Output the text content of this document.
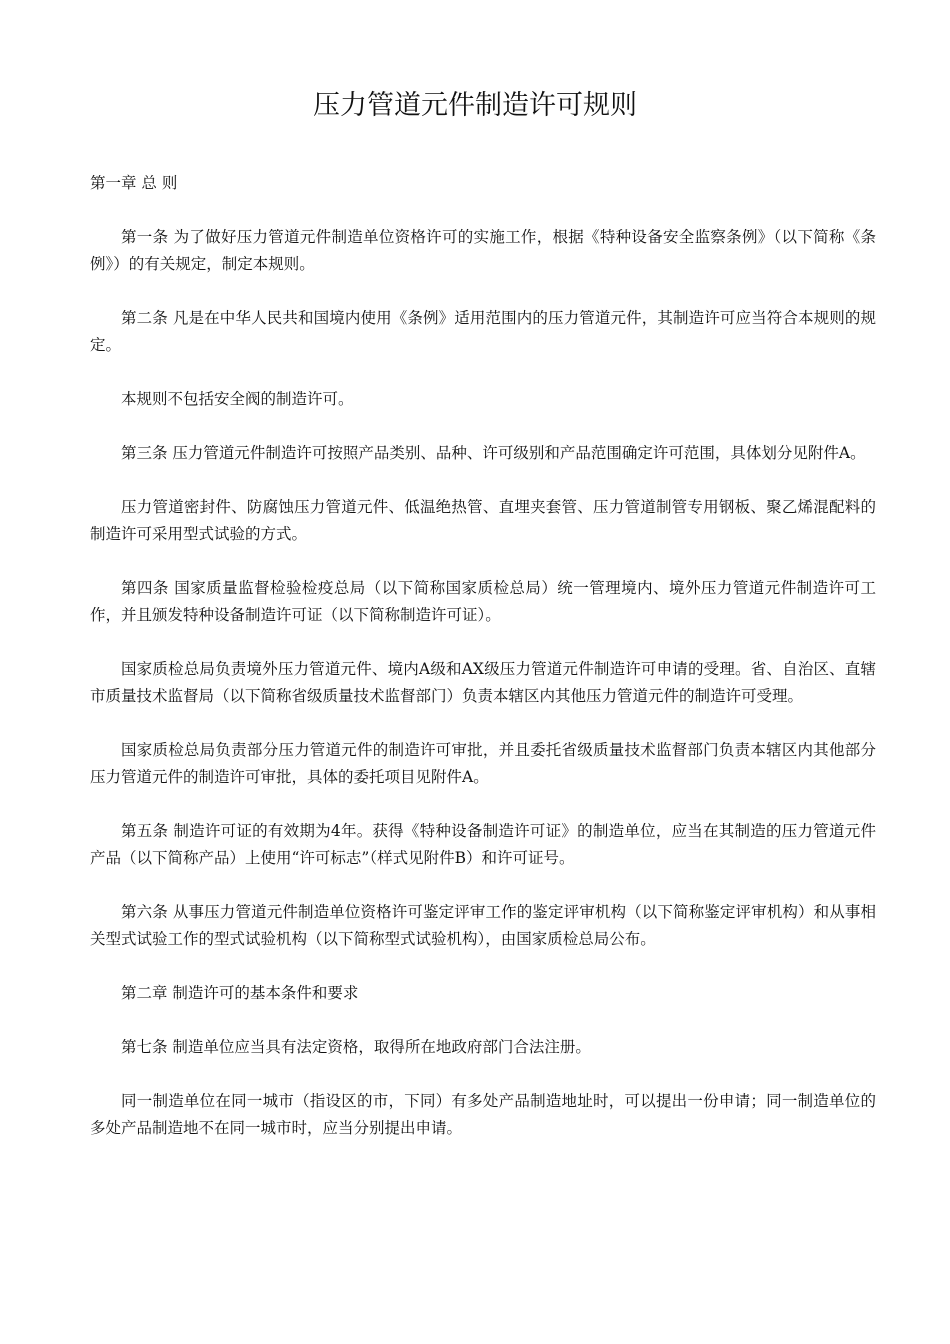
压力管道元件制造许可规则

第一章 总 则

第一条 为了做好压力管道元件制造单位资格许可的实施工作，根据《特种设备安全监察条例》（以下简称《条例》）的有关规定，制定本规则。

第二条 凡是在中华人民共和国境内使用《条例》适用范围内的压力管道元件，其制造许可应当符合本规则的规定。

本规则不包括安全阀的制造许可。

第三条 压力管道元件制造许可按照产品类别、品种、许可级别和产品范围确定许可范围，具体划分见附件A。

压力管道密封件、防腐蚀压力管道元件、低温绝热管、直埋夹套管、压力管道制管专用钢板、聚乙烯混配料的制造许可采用型式试验的方式。

第四条 国家质量监督检验检疫总局（以下简称国家质检总局）统一管理境内、境外压力管道元件制造许可工作，并且颁发特种设备制造许可证（以下简称制造许可证）。

国家质检总局负责境外压力管道元件、境内A级和AX级压力管道元件制造许可申请的受理。省、自治区、直辖市质量技术监督局（以下简称省级质量技术监督部门）负责本辖区内其他压力管道元件的制造许可受理。

国家质检总局负责部分压力管道元件的制造许可审批，并且委托省级质量技术监督部门负责本辖区内其他部分压力管道元件的制造许可审批，具体的委托项目见附件A。

第五条 制造许可证的有效期为4年。获得《特种设备制造许可证》的制造单位，应当在其制造的压力管道元件产品（以下简称产品）上使用“许可标志”（样式见附件B）和许可证号。

第六条 从事压力管道元件制造单位资格许可鉴定评审工作的鉴定评审机构（以下简称鉴定评审机构）和从事相关型式试验工作的型式试验机构（以下简称型式试验机构），由国家质检总局公布。

第二章 制造许可的基本条件和要求

第七条 制造单位应当具有法定资格，取得所在地政府部门合法注册。

同一制造单位在同一城市（指设区的市，下同）有多处产品制造地址时，可以提出一份申请；同一制造单位的多处产品制造地不在同一城市时，应当分别提出申请。
